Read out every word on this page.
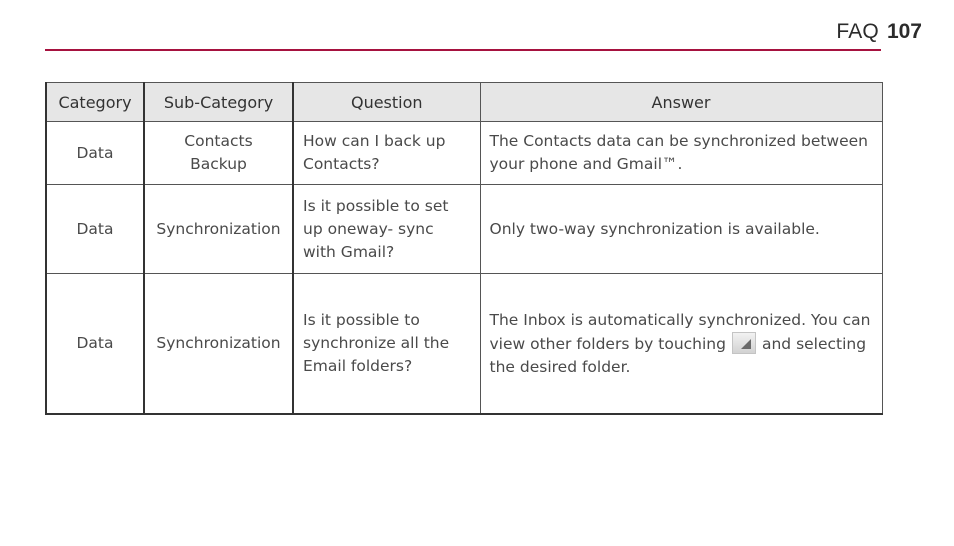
FAQ 107
Category	Sub-Category	Question	Answer
Data	Contacts Backup	How can I back up Contacts?	The Contacts data can be synchronized between your phone and Gmail™.
Data	Synchronization	Is it possible to set up oneway- sync with Gmail?	Only two-way synchronization is available.
Data	Synchronization	Is it possible to synchronize all the Email folders?	The Inbox is automatically synchronized. You can view other folders by touching and selecting the desired folder.
